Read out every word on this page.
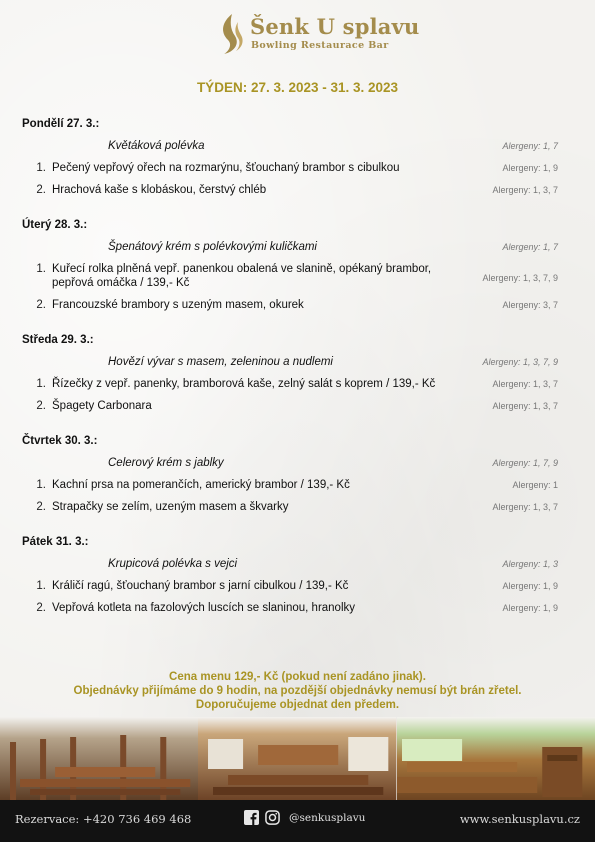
Šenk U splavu
Bowling Restaurace Bar
TÝDEN: 27. 3. 2023 - 31. 3. 2023
Pondělí 27. 3.:
Květáková polévka	Alergeny: 1, 7
1. Pečený vepřový ořech na rozmarýnu, šťouchaný brambor s cibulkou	Alergeny: 1, 9
2. Hrachová kaše s klobáskou, čerstvý chléb	Alergeny: 1, 3, 7
Úterý 28. 3.:
Špenátový krém s polévkovými kuličkami	Alergeny: 1, 7
1. Kuřecí rolka plněná vepř. panenkou obalená ve slanině, opékaný brambor, pepřová omáčka / 139,- Kč	Alergeny: 1, 3, 7, 9
2. Francouzské brambory s uzeným masem, okurek	Alergeny: 3, 7
Středa 29. 3.:
Hovězí vývar s masem, zeleninou a nudlemi	Alergeny: 1, 3, 7, 9
1. Řízečky z vepř. panenky, bramborová kaše, zelný salát s koprem / 139,- Kč	Alergeny: 1, 3, 7
2. Špagety Carbonara	Alergeny: 1, 3, 7
Čtvrtek 30. 3.:
Celerový krém s jablky	Alergeny: 1, 7, 9
1. Kachní prsa na pomerančích, americký brambor / 139,- Kč	Alergeny: 1
2. Strapačky se zelím, uzeným masem a škvarky	Alergeny: 1, 3, 7
Pátek 31. 3.:
Krupicová polévka s vejci	Alergeny: 1, 3
1. Králičí ragú, šťouchaný brambor s jarní cibulkou / 139,- Kč	Alergeny: 1, 9
2. Vepřová kotleta na fazolových luscích se slaninou, hranolky	Alergeny: 1, 9
Cena menu 129,- Kč (pokud není zadáno jinak).
Objednávky přijímáme do 9 hodin, na pozdější objednávky nemusí být brán zřetel.
Doporučujeme objednat den předem.
Rezervace: +420 736 469 468	@senkusplavu	www.senkusplavu.cz
